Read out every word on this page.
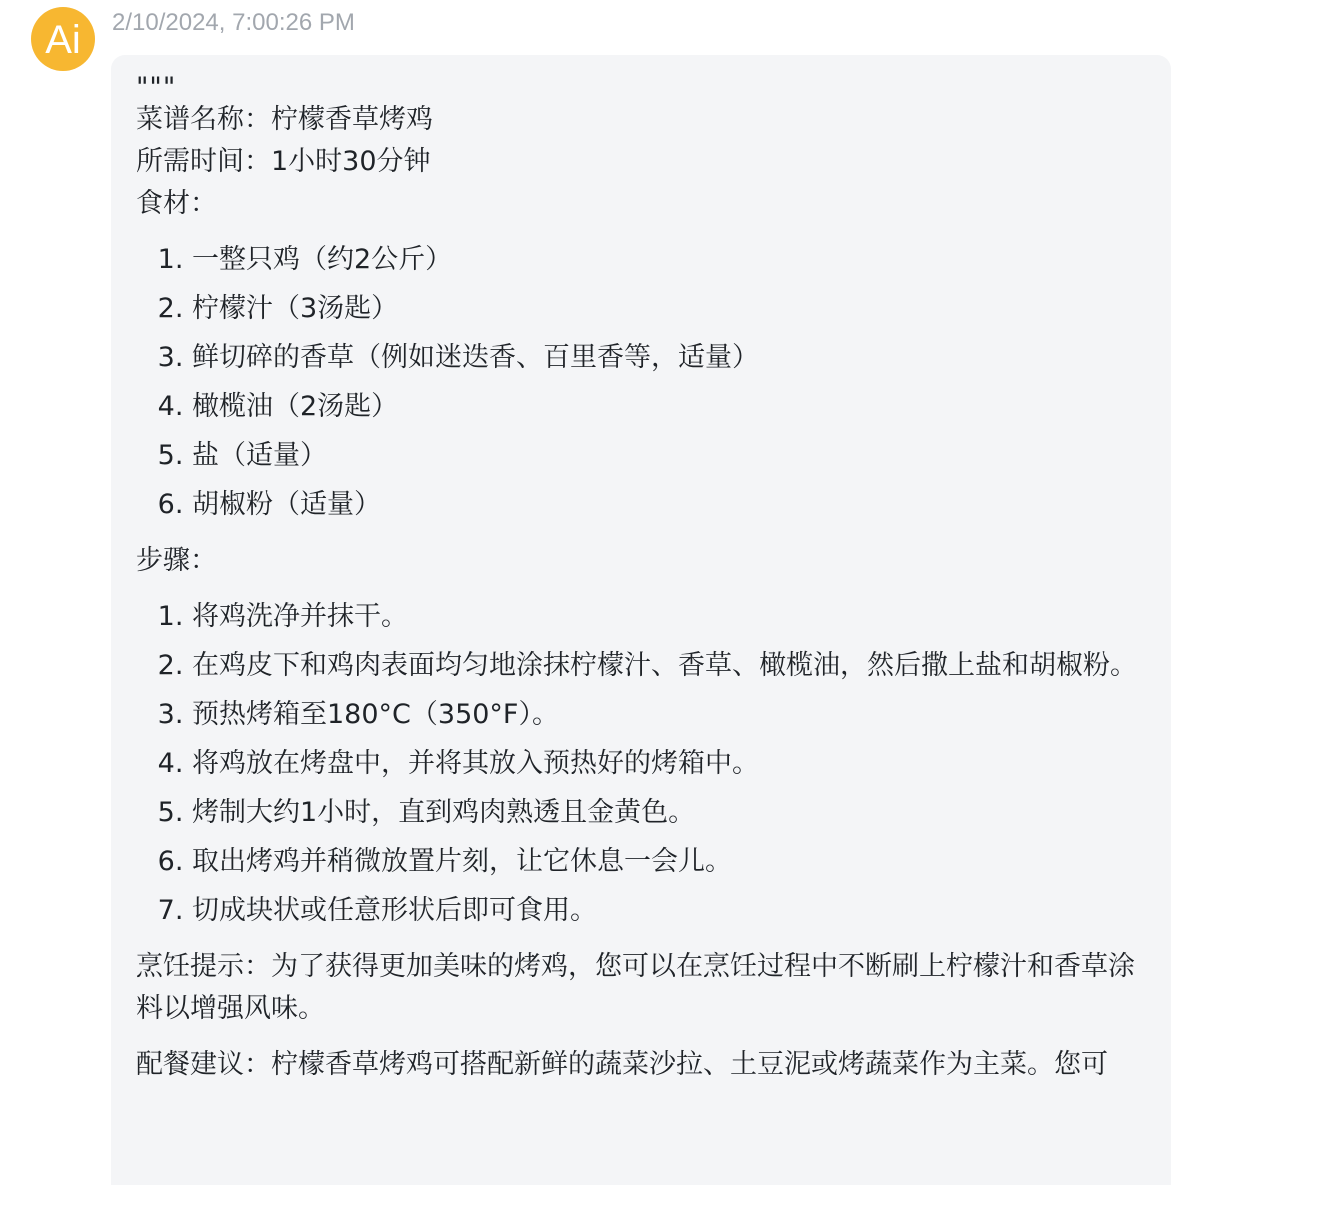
Ai 2/10/2024, 7:00:26 PM
"""
菜谱名称：柠檬香草烤鸡
所需时间：1小时30分钟
食材：
1. 一整只鸡（约2公斤）
2. 柠檬汁（3汤匙）
3. 鲜切碎的香草（例如迷迭香、百里香等，适量）
4. 橄榄油（2汤匙）
5. 盐（适量）
6. 胡椒粉（适量）
步骤：
1. 将鸡洗净并抹干。
2. 在鸡皮下和鸡肉表面均匀地涂抹柠檬汁、香草、橄榄油，然后撒上盐和胡椒粉。
3. 预热烤箱至180°C（350°F）。
4. 将鸡放在烤盘中，并将其放入预热好的烤箱中。
5. 烤制大约1小时，直到鸡肉熟透且金黄色。
6. 取出烤鸡并稍微放置片刻，让它休息一会儿。
7. 切成块状或任意形状后即可食用。
烹饪提示：为了获得更加美味的烤鸡，您可以在烹饪过程中不断刷上柠檬汁和香草涂料以增强风味。
配餐建议：柠檬香草烤鸡可搭配新鲜的蔬菜沙拉、土豆泥或烤蔬菜作为主菜。您可
